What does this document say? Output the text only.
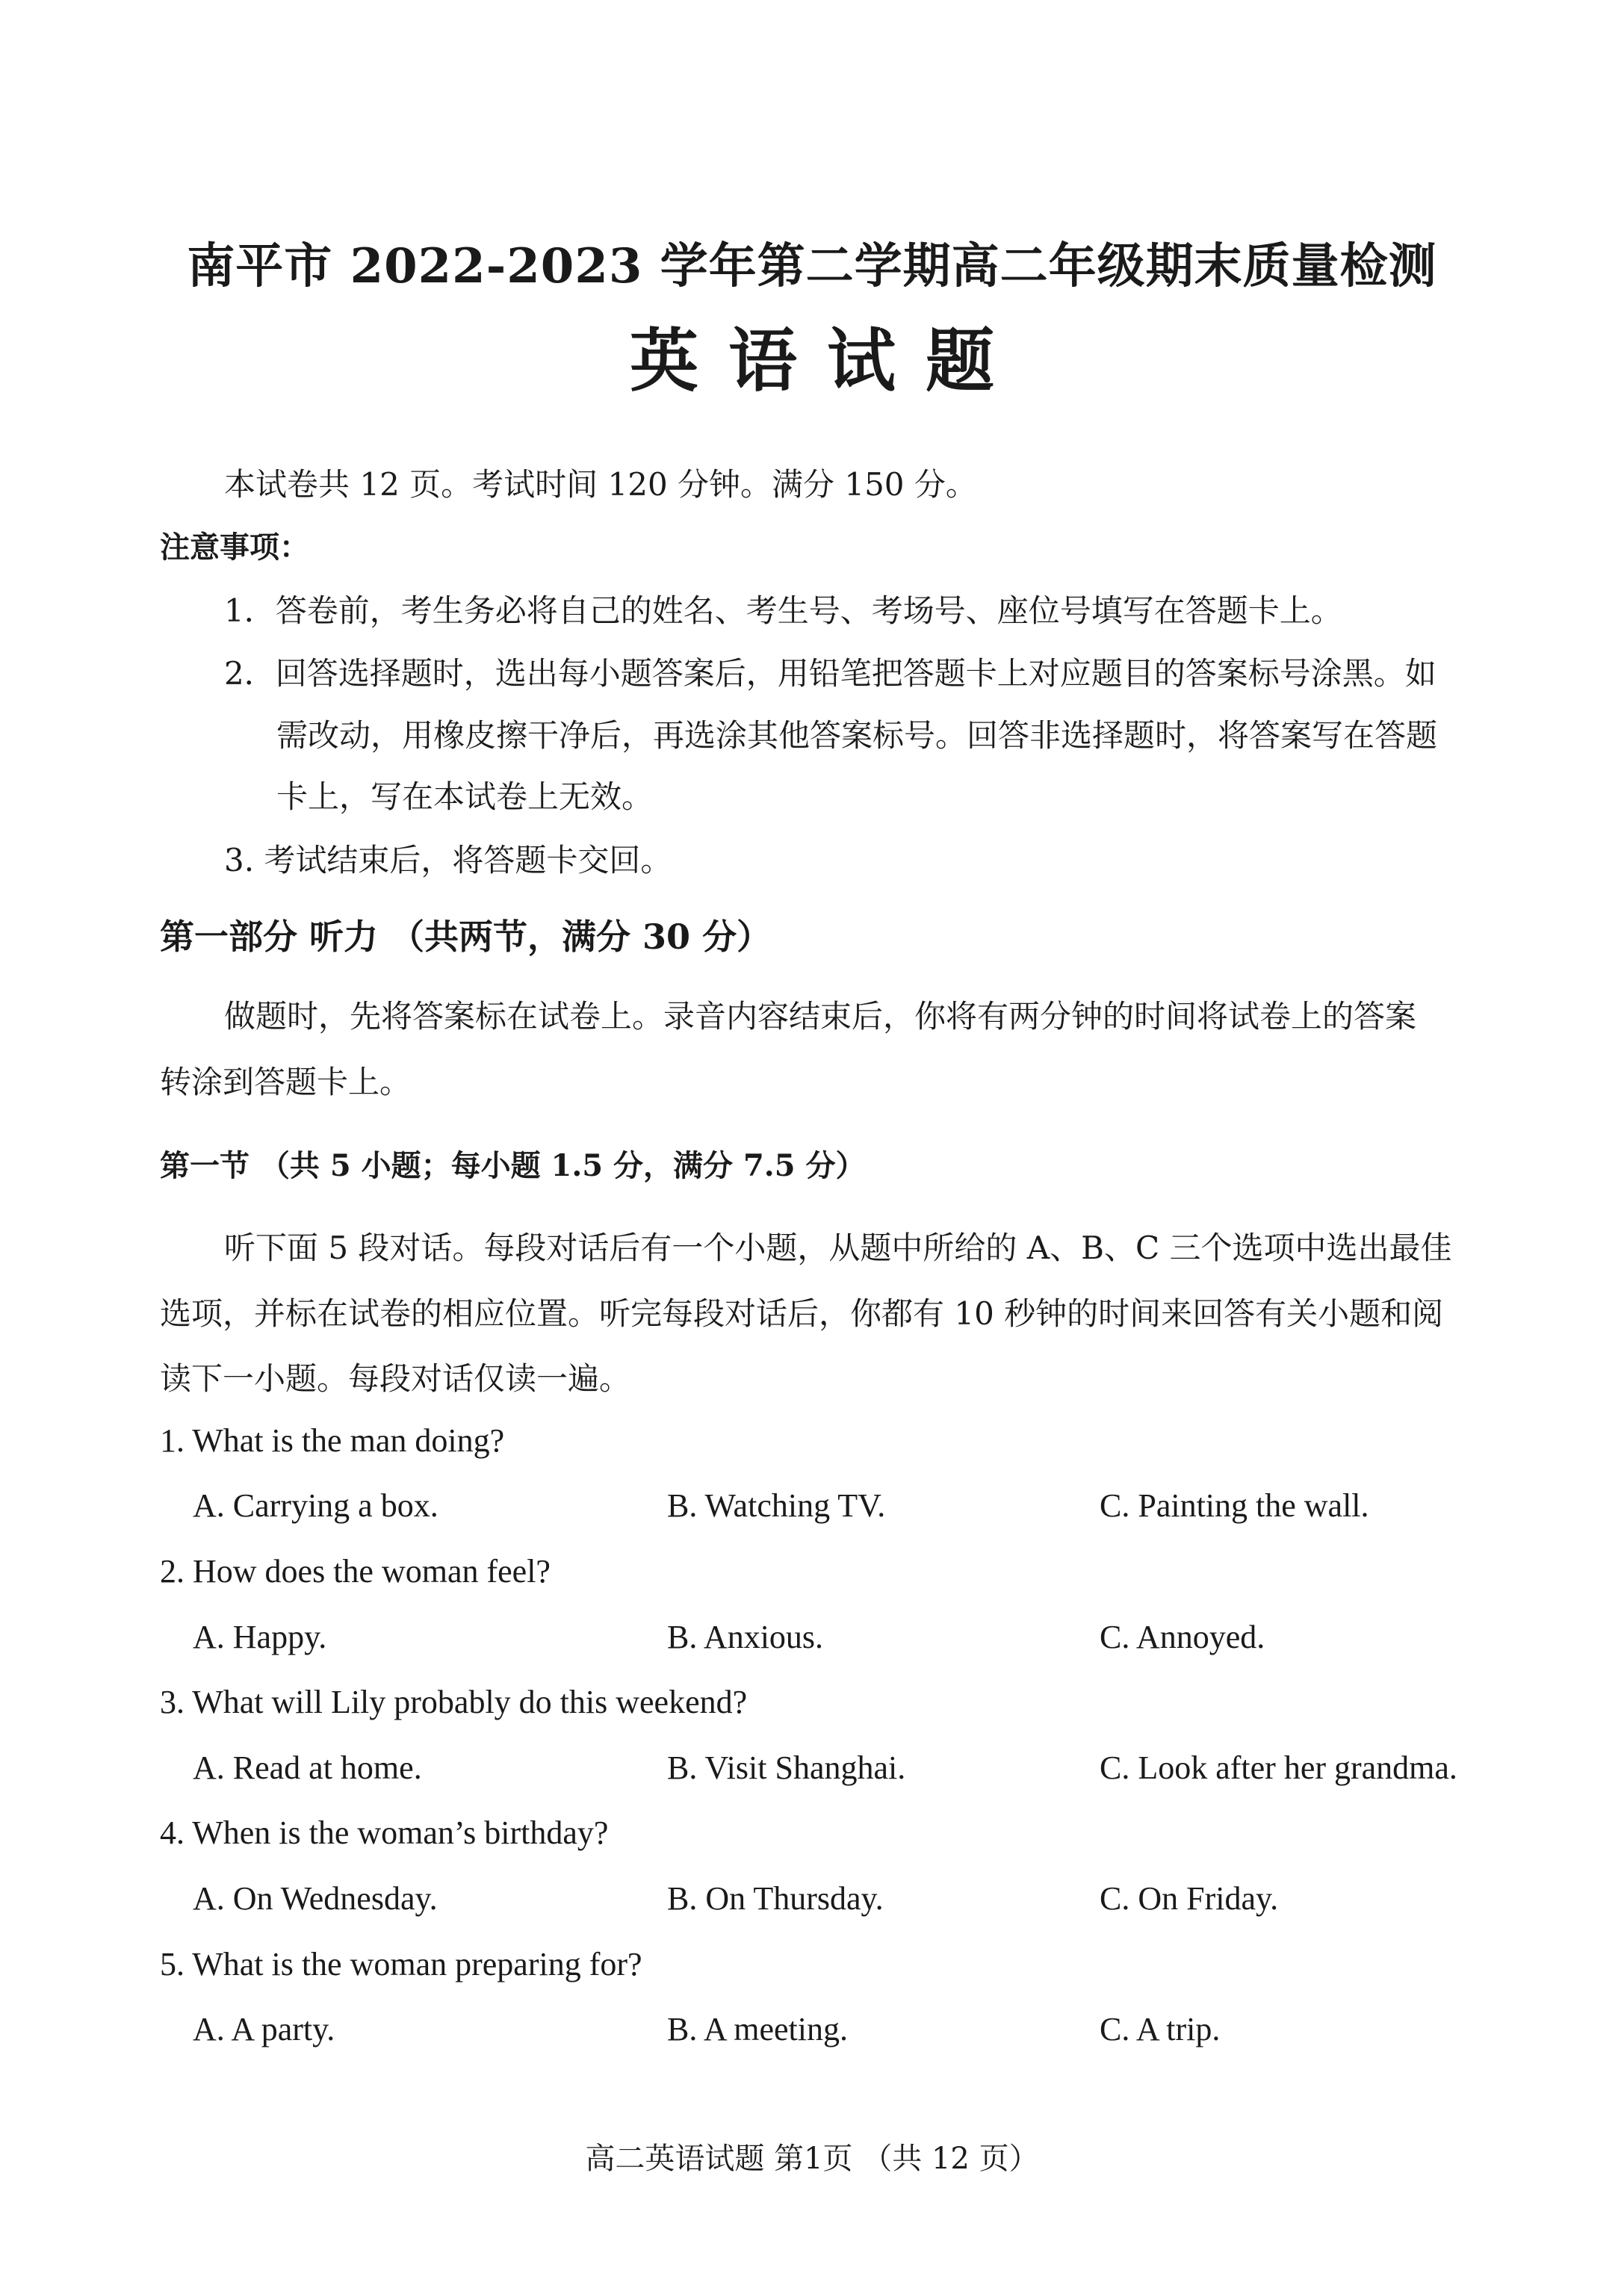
南平市 2022-2023 学年第二学期高二年级期末质量检测
英语试题
本试卷共 12 页。考试时间 120 分钟。满分 150 分。
注意事项：
1．答卷前，考生务必将自己的姓名、考生号、考场号、座位号填写在答题卡上。
2．回答选择题时，选出每小题答案后，用铅笔把答题卡上对应题目的答案标号涂黑。如
需改动，用橡皮擦干净后，再选涂其他答案标号。回答非选择题时，将答案写在答题
卡上，写在本试卷上无效。
3. 考试结束后，将答题卡交回。
第一部分 听力 （共两节，满分 30 分）
做题时，先将答案标在试卷上。录音内容结束后，你将有两分钟的时间将试卷上的答案
转涂到答题卡上。
第一节 （共 5 小题；每小题 1.5 分，满分 7.5 分）
听下面 5 段对话。每段对话后有一个小题，从题中所给的 A、B、C 三个选项中选出最佳
选项，并标在试卷的相应位置。听完每段对话后，你都有 10 秒钟的时间来回答有关小题和阅
读下一小题。每段对话仅读一遍。
1. What is the man doing?
A. Carrying a box.	B. Watching TV.	C. Painting the wall.
2. How does the woman feel?
A. Happy.	B. Anxious.	C. Annoyed.
3. What will Lily probably do this weekend?
A. Read at home.	B. Visit Shanghai.	C. Look after her grandma.
4. When is the woman’s birthday?
A. On Wednesday.	B. On Thursday.	C. On Friday.
5. What is the woman preparing for?
A. A party.	B. A meeting.	C. A trip.
高二英语试题 第1页 （共 12 页）
